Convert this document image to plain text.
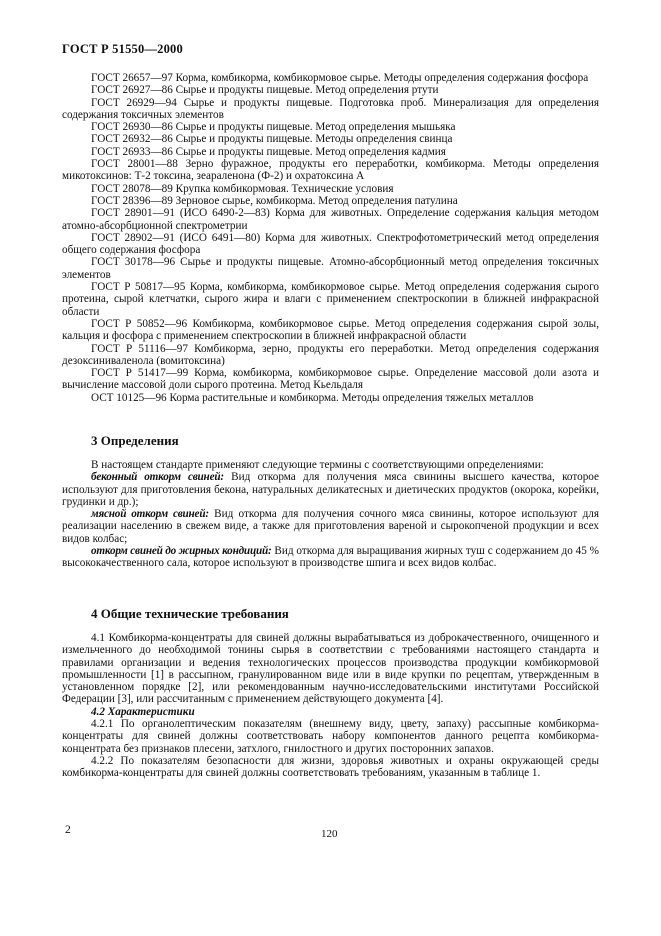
ГОСТ Р 51550—2000

ГОСТ 26657—97 Корма, комбикорма, комбикормовое сырье. Методы определения содержания фосфора

ГОСТ 26927—86 Сырье и продукты пищевые. Метод определения ртути

ГОСТ 26929—94 Сырье и продукты пищевые. Подготовка проб. Минерализация для определения содержания токсичных элементов

ГОСТ 26930—86 Сырье и продукты пищевые. Метод определения мышьяка

ГОСТ 26932—86 Сырье и продукты пищевые. Методы определения свинца

ГОСТ 26933—86 Сырье и продукты пищевые. Метод определения кадмия

ГОСТ 28001—88 Зерно фуражное, продукты его переработки, комбикорма. Методы определения микотоксинов: Т-2 токсина, зеараленона (Ф-2) и охратоксина А

ГОСТ 28078—89 Крупка комбикормовая. Технические условия

ГОСТ 28396—89 Зерновое сырье, комбикорма. Метод определения патулина

ГОСТ 28901—91 (ИСО 6490-2—83) Корма для животных. Определение содержания кальция методом атомно-абсорбционной спектрометрии

ГОСТ 28902—91 (ИСО 6491—80) Корма для животных. Спектрофотометрический метод определения общего содержания фосфора

ГОСТ 30178—96 Сырье и продукты пищевые. Атомно-абсорбционный метод определения токсичных элементов

ГОСТ Р 50817—95 Корма, комбикорма, комбикормовое сырье. Метод определения содержания сырого протеина, сырой клетчатки, сырого жира и влаги с применением спектроскопии в ближней инфракрасной области

ГОСТ Р 50852—96 Комбикорма, комбикормовое сырье. Метод определения содержания сырой золы, кальция и фосфора с применением спектроскопии в ближней инфракрасной области

ГОСТ Р 51116—97 Комбикорма, зерно, продукты его переработки. Метод определения содержания дезоксиниваленола (вомитоксина)

ГОСТ Р 51417—99 Корма, комбикорма, комбикормовое сырье. Определение массовой доли азота и вычисление массовой доли сырого протеина. Метод Кьельдаля

ОСТ 10125—96 Корма растительные и комбикорма. Методы определения тяжелых металлов

3 Определения

В настоящем стандарте применяют следующие термины с соответствующими определениями:

беконный откорм свиней: Вид откорма для получения мяса свинины высшего качества, которое используют для приготовления бекона, натуральных деликатесных и диетических продуктов (окорока, корейки, грудинки и др.);

мясной откорм свиней: Вид откорма для получения сочного мяса свинины, которое используют для реализации населению в свежем виде, а также для приготовления вареной и сырокопченой продукции и всех видов колбас;

откорм свиней до жирных кондиций: Вид откорма для выращивания жирных туш с содержанием до 45 % высококачественного сала, которое используют в производстве шпига и всех видов колбас.

4 Общие технические требования

4.1 Комбикорма-концентраты для свиней должны вырабатываться из доброкачественного, очищенного и измельченного до необходимой тонины сырья в соответствии с требованиями настоящего стандарта и правилами организации и ведения технологических процессов производства продукции комбикормовой промышленности [1] в рассыпном, гранулированном виде или в виде крупки по рецептам, утвержденным в установленном порядке [2], или рекомендованным научно-исследовательскими институтами Российской Федерации [3], или рассчитанным с применением действующего документа [4].

4.2 Характеристики

4.2.1 По органолептическим показателям (внешнему виду, цвету, запаху) рассыпные комбикорма-концентраты для свиней должны соответствовать набору компонентов данного рецепта комбикорма-концентрата без признаков плесени, затхлого, гнилостного и других посторонних запахов.

4.2.2 По показателям безопасности для жизни, здоровья животных и охраны окружающей среды комбикорма-концентраты для свиней должны соответствовать требованиям, указанным в таблице 1.

2	120
